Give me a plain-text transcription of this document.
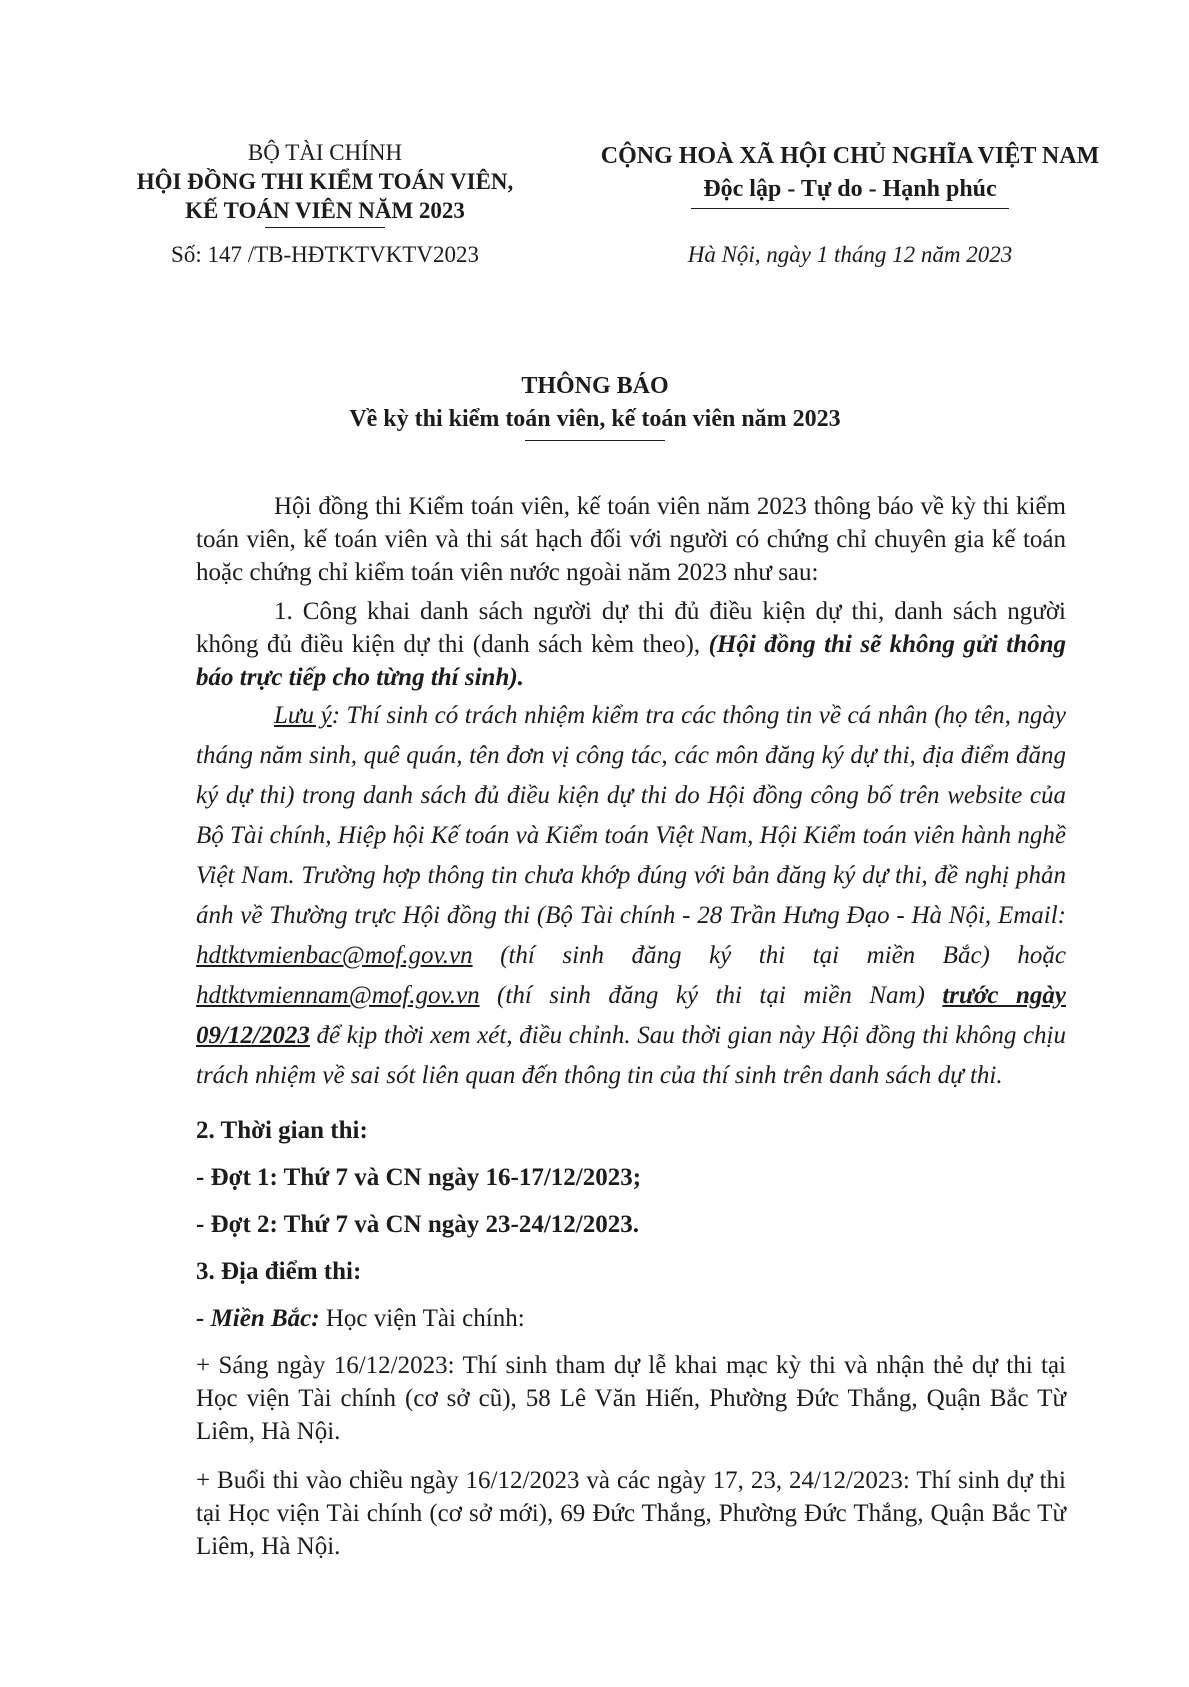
BỘ TÀI CHÍNH
HỘI ĐỒNG THI KIỂM TOÁN VIÊN,
KẾ TOÁN VIÊN NĂM 2023
Số: 147 /TB-HĐTKTVKTV2023
CỘNG HOÀ XÃ HỘI CHỦ NGHĨA VIỆT NAM
Độc lập - Tự do - Hạnh phúc
Hà Nội, ngày 1 tháng 12 năm 2023
THÔNG BÁO
Về kỳ thi kiểm toán viên, kế toán viên năm 2023

Hội đồng thi Kiểm toán viên, kế toán viên năm 2023 thông báo về kỳ thi kiểm toán viên, kế toán viên và thi sát hạch đối với người có chứng chỉ chuyên gia kế toán hoặc chứng chỉ kiểm toán viên nước ngoài năm 2023 như sau:

1. Công khai danh sách người dự thi đủ điều kiện dự thi, danh sách người không đủ điều kiện dự thi (danh sách kèm theo), (Hội đồng thi sẽ không gửi thông báo trực tiếp cho từng thí sinh).

Lưu ý: Thí sinh có trách nhiệm kiểm tra các thông tin về cá nhân (họ tên, ngày tháng năm sinh, quê quán, tên đơn vị công tác, các môn đăng ký dự thi, địa điểm đăng ký dự thi) trong danh sách đủ điều kiện dự thi do Hội đồng công bố trên website của Bộ Tài chính, Hiệp hội Kế toán và Kiểm toán Việt Nam, Hội Kiểm toán viên hành nghề Việt Nam. Trường hợp thông tin chưa khớp đúng với bản đăng ký dự thi, đề nghị phản ánh về Thường trực Hội đồng thi (Bộ Tài chính - 28 Trần Hưng Đạo - Hà Nội, Email: hdtktvmienbac@mof.gov.vn (thí sinh đăng ký thi tại miền Bắc) hoặc hdtktvmiennam@mof.gov.vn (thí sinh đăng ký thi tại miền Nam) trước ngày 09/12/2023 để kịp thời xem xét, điều chỉnh. Sau thời gian này Hội đồng thi không chịu trách nhiệm về sai sót liên quan đến thông tin của thí sinh trên danh sách dự thi.

2. Thời gian thi:

- Đợt 1: Thứ 7 và CN ngày 16-17/12/2023;

- Đợt 2: Thứ 7 và CN ngày 23-24/12/2023.

3. Địa điểm thi:

- Miền Bắc: Học viện Tài chính:

+ Sáng ngày 16/12/2023: Thí sinh tham dự lễ khai mạc kỳ thi và nhận thẻ dự thi tại Học viện Tài chính (cơ sở cũ), 58 Lê Văn Hiến, Phường Đức Thắng, Quận Bắc Từ Liêm, Hà Nội.

+ Buổi thi vào chiều ngày 16/12/2023 và các ngày 17, 23, 24/12/2023: Thí sinh dự thi tại Học viện Tài chính (cơ sở mới), 69 Đức Thắng, Phường Đức Thắng, Quận Bắc Từ Liêm, Hà Nội.
